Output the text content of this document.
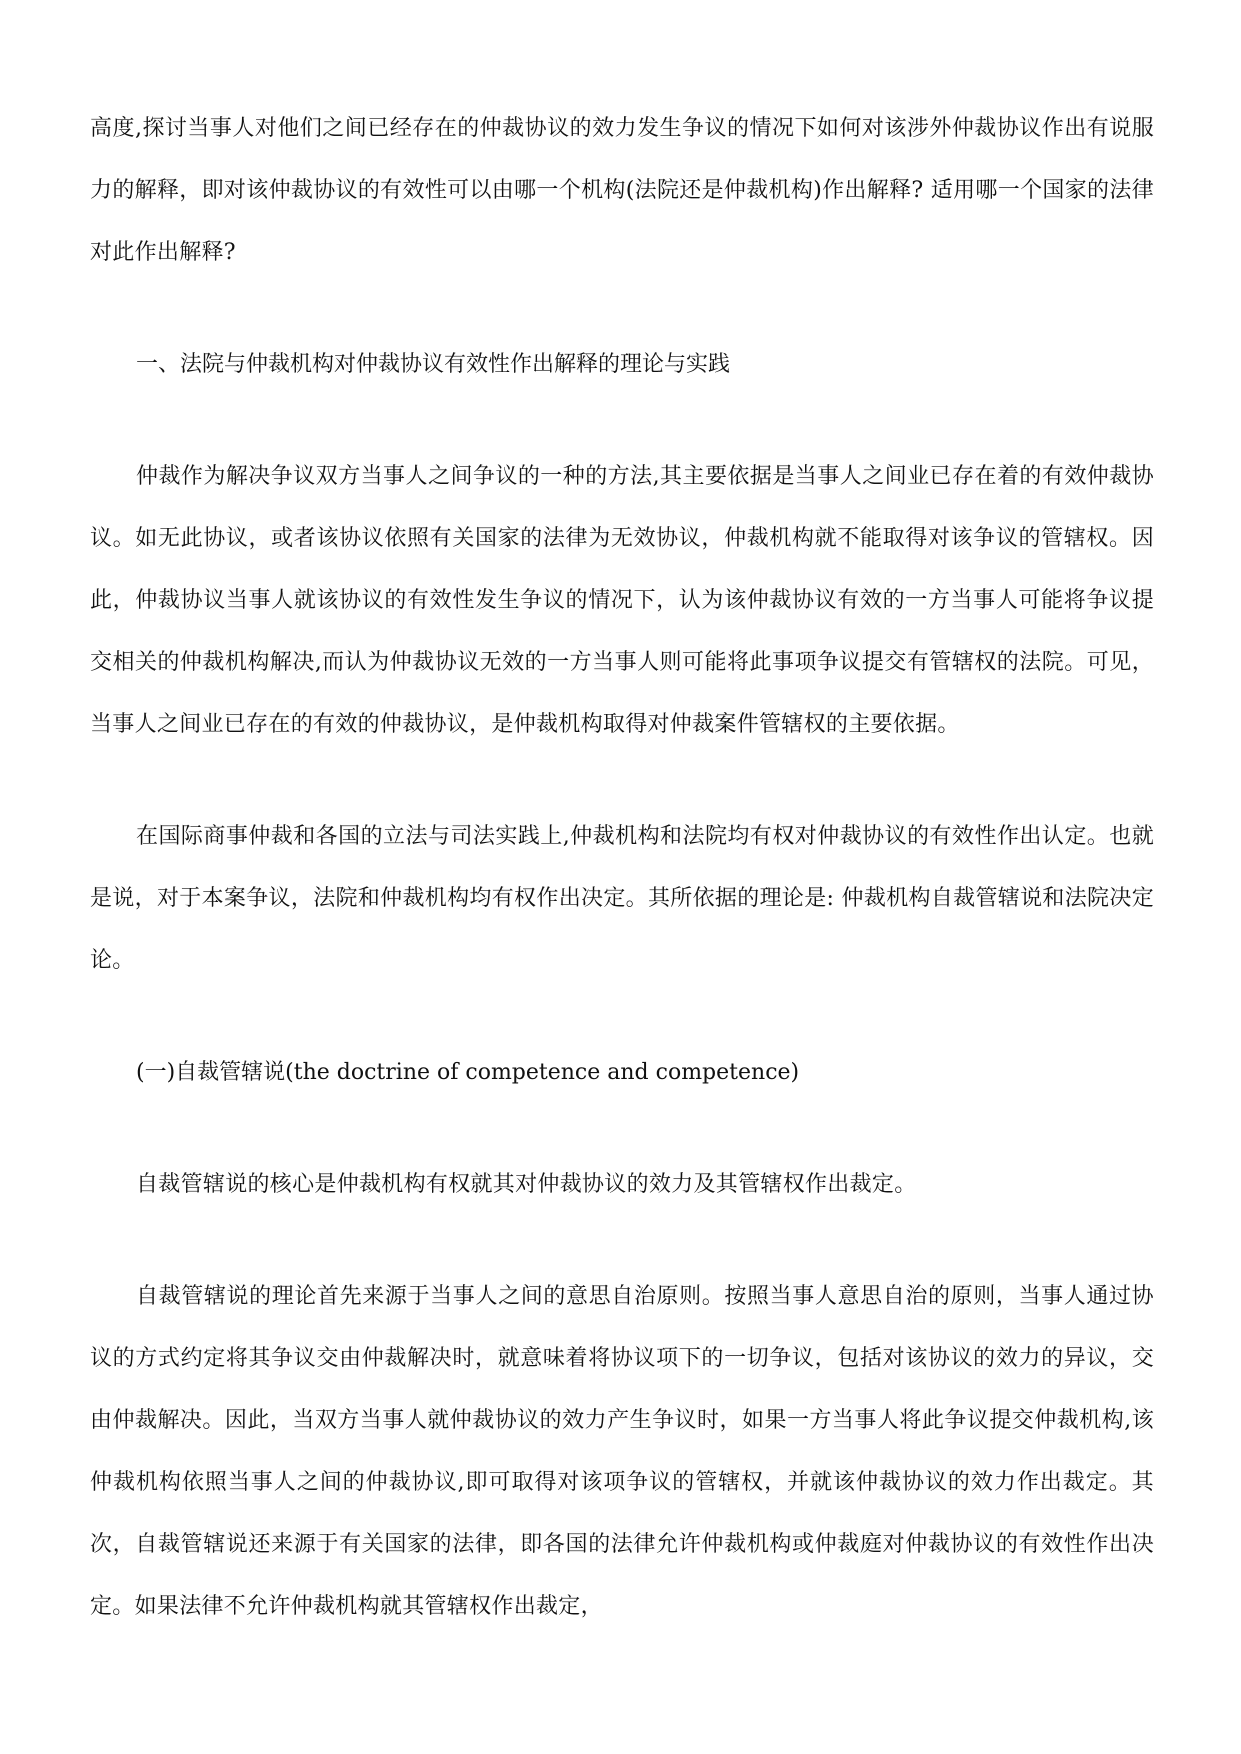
高度,探讨当事人对他们之间已经存在的仲裁协议的效力发生争议的情况下如何对该涉外仲裁协议作出有说服力的解释，即对该仲裁协议的有效性可以由哪一个机构(法院还是仲裁机构)作出解释? 适用哪一个国家的法律对此作出解释?

一、法院与仲裁机构对仲裁协议有效性作出解释的理论与实践

仲裁作为解决争议双方当事人之间争议的一种的方法,其主要依据是当事人之间业已存在着的有效仲裁协议。如无此协议，或者该协议依照有关国家的法律为无效协议，仲裁机构就不能取得对该争议的管辖权。因此，仲裁协议当事人就该协议的有效性发生争议的情况下，认为该仲裁协议有效的一方当事人可能将争议提交相关的仲裁机构解决,而认为仲裁协议无效的一方当事人则可能将此事项争议提交有管辖权的法院。可见，当事人之间业已存在的有效的仲裁协议，是仲裁机构取得对仲裁案件管辖权的主要依据。

在国际商事仲裁和各国的立法与司法实践上,仲裁机构和法院均有权对仲裁协议的有效性作出认定。也就是说，对于本案争议，法院和仲裁机构均有权作出决定。其所依据的理论是: 仲裁机构自裁管辖说和法院决定论。

(一)自裁管辖说(the doctrine of competence and competence)

自裁管辖说的核心是仲裁机构有权就其对仲裁协议的效力及其管辖权作出裁定。

自裁管辖说的理论首先来源于当事人之间的意思自治原则。按照当事人意思自治的原则，当事人通过协议的方式约定将其争议交由仲裁解决时，就意味着将协议项下的一切争议，包括对该协议的效力的异议，交由仲裁解决。因此，当双方当事人就仲裁协议的效力产生争议时，如果一方当事人将此争议提交仲裁机构,该仲裁机构依照当事人之间的仲裁协议,即可取得对该项争议的管辖权，并就该仲裁协议的效力作出裁定。其次，自裁管辖说还来源于有关国家的法律，即各国的法律允许仲裁机构或仲裁庭对仲裁协议的有效性作出决定。如果法律不允许仲裁机构就其管辖权作出裁定，
